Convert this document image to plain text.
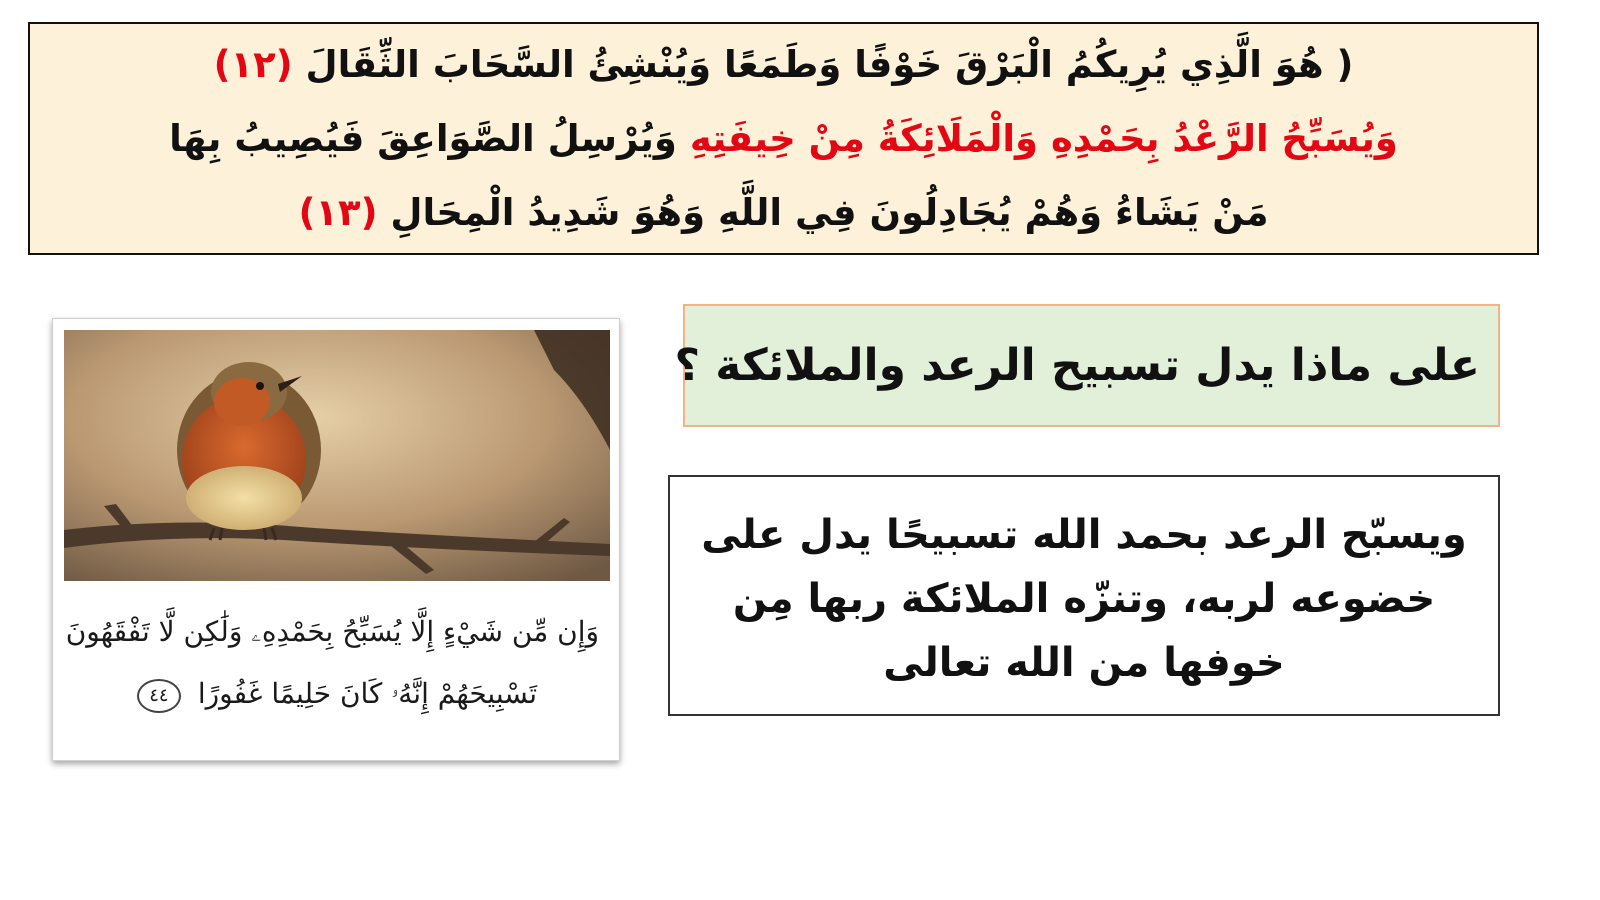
( هُوَ الَّذِي يُرِيكُمُ الْبَرْقَ خَوْفًا وَطَمَعًا وَيُنْشِئُ السَّحَابَ الثِّقَالَ (١٢)
وَيُسَبِّحُ الرَّعْدُ بِحَمْدِهِ وَالْمَلَائِكَةُ مِنْ خِيفَتِهِ وَيُرْسِلُ الصَّوَاعِقَ فَيُصِيبُ بِهَا
مَنْ يَشَاءُ وَهُمْ يُجَادِلُونَ فِي اللَّهِ وَهُوَ شَدِيدُ الْمِحَالِ (١٣)
وَإِن مِّن شَيْءٍ إِلَّا يُسَبِّحُ بِحَمْدِهِۦ وَلَٰكِن لَّا تَفْقَهُونَ
تَسْبِيحَهُمْ إِنَّهُۥ كَانَ حَلِيمًا غَفُورًا ٤٤
على ماذا يدل تسبيح الرعد والملائكة ؟
ويسبّح الرعد بحمد الله تسبيحًا يدل على خضوعه لربه، وتنزّه الملائكة ربها مِن خوفها من الله تعالى
